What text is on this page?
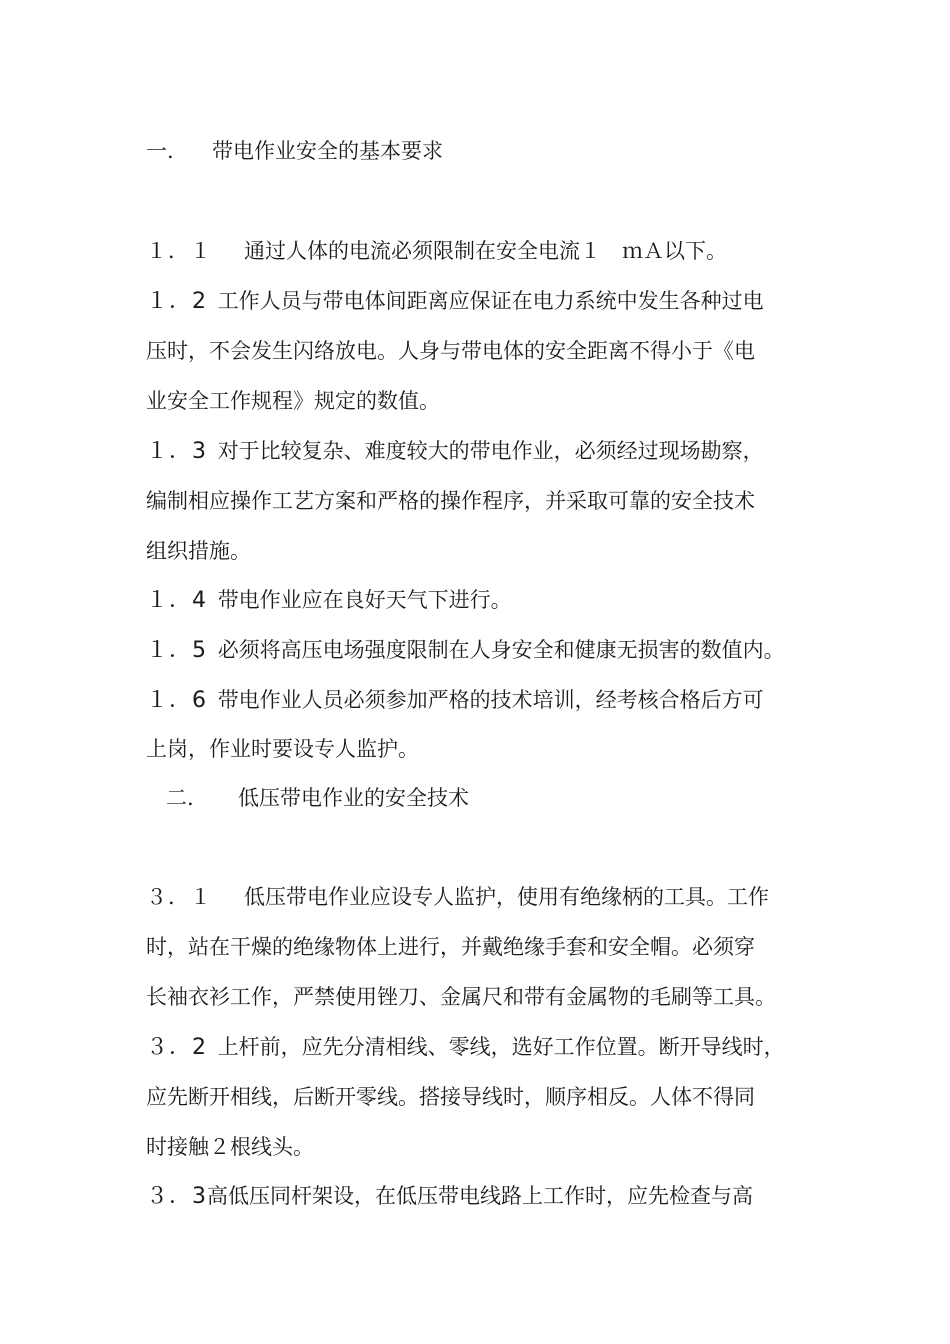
一.	带电作业安全的基本要求
１．１ 通过人体的电流必须限制在安全电流１　ｍＡ以下。
１．2 工作人员与带电体间距离应保证在电力系统中发生各种过电
压时，不会发生闪络放电。人身与带电体的安全距离不得小于《电
业安全工作规程》规定的数值。
１．3 对于比较复杂、难度较大的带电作业，必须经过现场勘察，
编制相应操作工艺方案和严格的操作程序，并采取可靠的安全技术
组织措施。
１．4 带电作业应在良好天气下进行。
１．5 必须将高压电场强度限制在人身安全和健康无损害的数值内。
１．6 带电作业人员必须参加严格的技术培训，经考核合格后方可
上岗，作业时要设专人监护。
二.	低压带电作业的安全技术
３．１ 低压带电作业应设专人监护，使用有绝缘柄的工具。工作
时，站在干燥的绝缘物体上进行，并戴绝缘手套和安全帽。必须穿
长袖衣衫工作，严禁使用锉刀、金属尺和带有金属物的毛刷等工具。
３．2 上杆前，应先分清相线、零线，选好工作位置。断开导线时，
应先断开相线，后断开零线。搭接导线时，顺序相反。人体不得同
时接触２根线头。
３．3高低压同杆架设，在低压带电线路上工作时，应先检查与高
